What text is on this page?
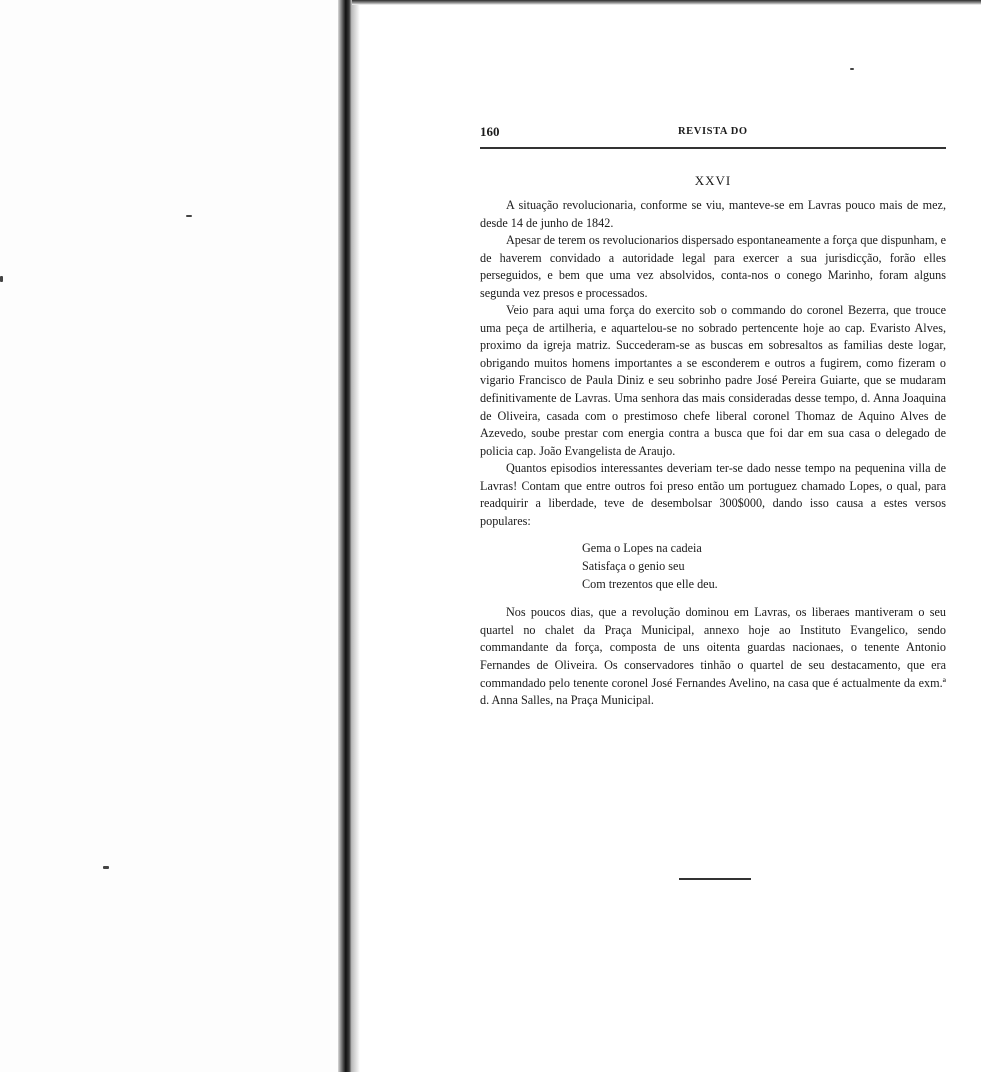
160	REVISTA DO
XXVI

A situação revolucionaria, conforme se viu, manteve-se em Lavras pouco mais de mez, desde 14 de junho de 1842.

Apesar de terem os revolucionarios dispersado espontaneamente a força que dispunham, e de haverem convidado a autoridade legal para exercer a sua jurisdicção, forão elles perseguidos, e bem que uma vez absolvidos, conta-nos o conego Marinho, foram alguns segunda vez presos e processados.

Veio para aqui uma força do exercito sob o commando do coronel Bezerra, que trouce uma peça de artilheria, e aquartelou-se no sobrado pertencente hoje ao cap. Evaristo Alves, proximo da igreja matriz. Succederam-se as buscas em sobresaltos as familias deste logar, obrigando muitos homens importantes a se esconderem e outros a fugirem, como fizeram o vigario Francisco de Paula Diniz e seu sobrinho padre José Pereira Guiarte, que se mudaram definitivamente de Lavras. Uma senhora das mais consideradas desse tempo, d. Anna Joaquina de Oliveira, casada com o prestimoso chefe liberal coronel Thomaz de Aquino Alves de Azevedo, soube prestar com energia contra a busca que foi dar em sua casa o delegado de policia cap. João Evangelista de Araujo.

Quantos episodios interessantes deveriam ter-se dado nesse tempo na pequenina villa de Lavras! Contam que entre outros foi preso então um portuguez chamado Lopes, o qual, para readquirir a liberdade, teve de desembolsar 300$000, dando isso causa a estes versos populares:

Gema o Lopes na cadeia
Satisfaça o genio seu
Com trezentos que elle deu.

Nos poucos dias, que a revolução dominou em Lavras, os liberaes mantiveram o seu quartel no chalet da Praça Municipal, annexo hoje ao Instituto Evangelico, sendo commandante da força, composta de uns oitenta guardas nacionaes, o tenente Antonio Fernandes de Oliveira. Os conservadores tinhão o quartel de seu destacamento, que era commandado pelo tenente coronel José Fernandes Avelino, na casa que é actualmente da exm.ª d. Anna Salles, na Praça Municipal.
